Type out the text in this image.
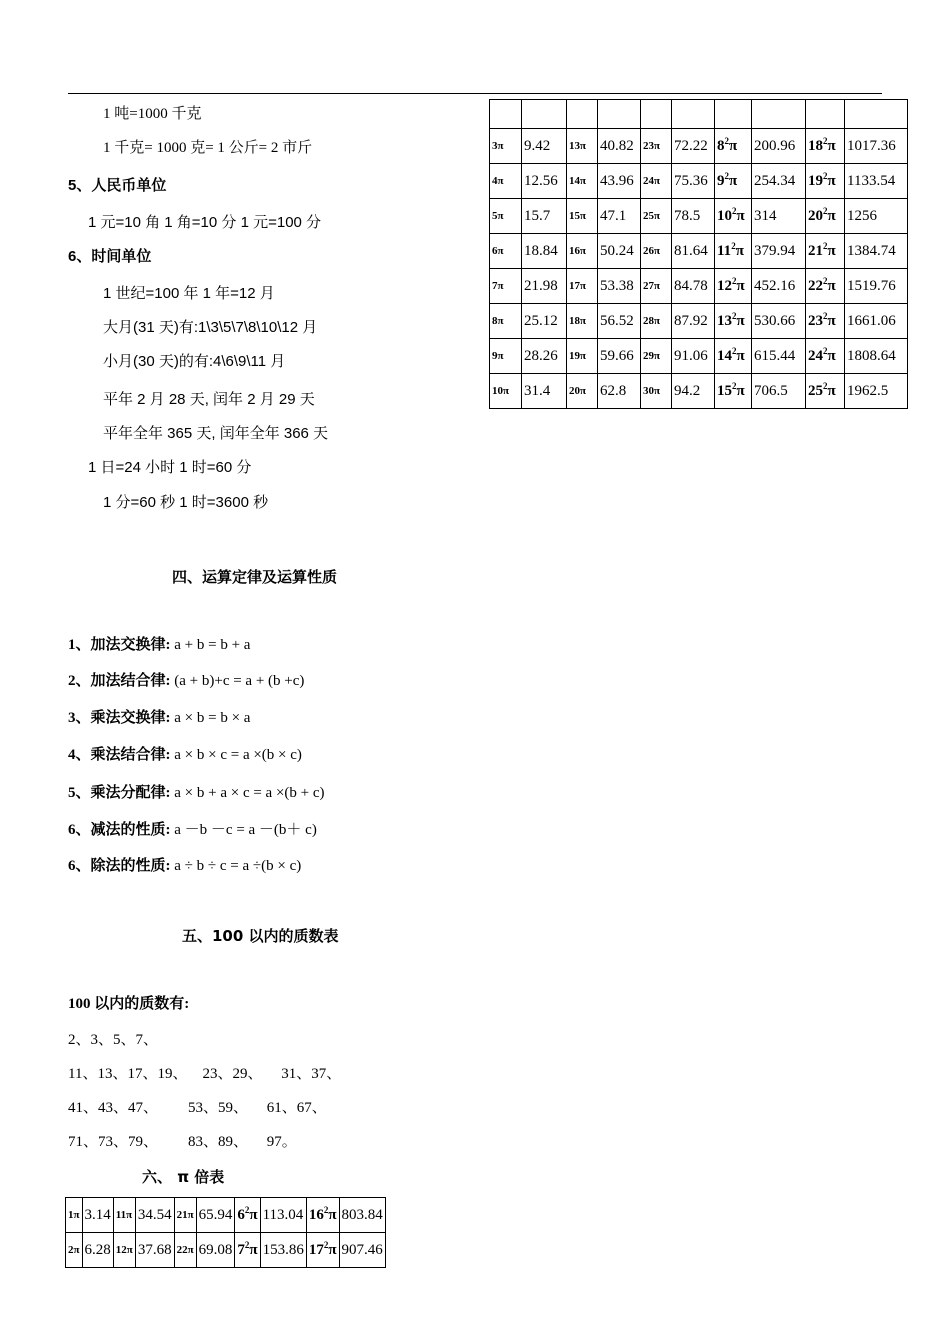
1 吨=1000 千克
1 千克= 1000 克= 1 公斤= 2 市斤
5、人民币单位
1 元=10 角 1 角=10 分 1 元=100 分
6、时间单位
1 世纪=100 年 1 年=12 月
大月(31 天)有:1\3\5\7\8\10\12 月
小月(30 天)的有:4\6\9\11 月
平年 2 月 28 天, 闰年 2 月 29 天
平年全年 365 天, 闰年全年 366 天
1 日=24 小时 1 时=60 分
1 分=60 秒 1 时=3600 秒
四、运算定律及运算性质
1、加法交换律: a + b = b + a
2、加法结合律: (a + b)+c = a + (b +c)
3、乘法交换律: a × b = b × a
4、乘法结合律: a × b × c = a ×(b × c)
5、乘法分配律: a × b + a × c = a ×(b + c)
6、减法的性质: a －b －c = a －(b＋ c)
6、除法的性质: a ÷ b ÷ c = a ÷(b × c)
五、100 以内的质数表
100 以内的质数有:
2、3、5、7、
11、13、17、19、    23、29、     31、37、
41、43、47、        53、59、     61、67、
71、73、79、        83、89、     97。
六、 π 倍表

3π	9.42	13π	40.82	23π	72.22	$8^2\pi$	200.96	$18^2\pi$	1017.36
4π	12.56	14π	43.96	24π	75.36	$9^2\pi$	254.34	$19^2\pi$	1133.54
5π	15.7	15π	47.1	25π	78.5	$10^2\pi$	314	$20^2\pi$	1256
6π	18.84	16π	50.24	26π	81.64	$11^2\pi$	379.94	$21^2\pi$	1384.74
7π	21.98	17π	53.38	27π	84.78	$12^2\pi$	452.16	$22^2\pi$	1519.76
8π	25.12	18π	56.52	28π	87.92	$13^2\pi$	530.66	$23^2\pi$	1661.06
9π	28.26	19π	59.66	29π	91.06	$14^2\pi$	615.44	$24^2\pi$	1808.64
10π	31.4	20π	62.8	30π	94.2	$15^2\pi$	706.5	$25^2\pi$	1962.5
1π	3.14	11π	34.54	21π	65.94	$6^2\pi$	113.04	$16^2\pi$	803.84
2π	6.28	12π	37.68	22π	69.08	$7^2\pi$	153.86	$17^2\pi$	907.46
